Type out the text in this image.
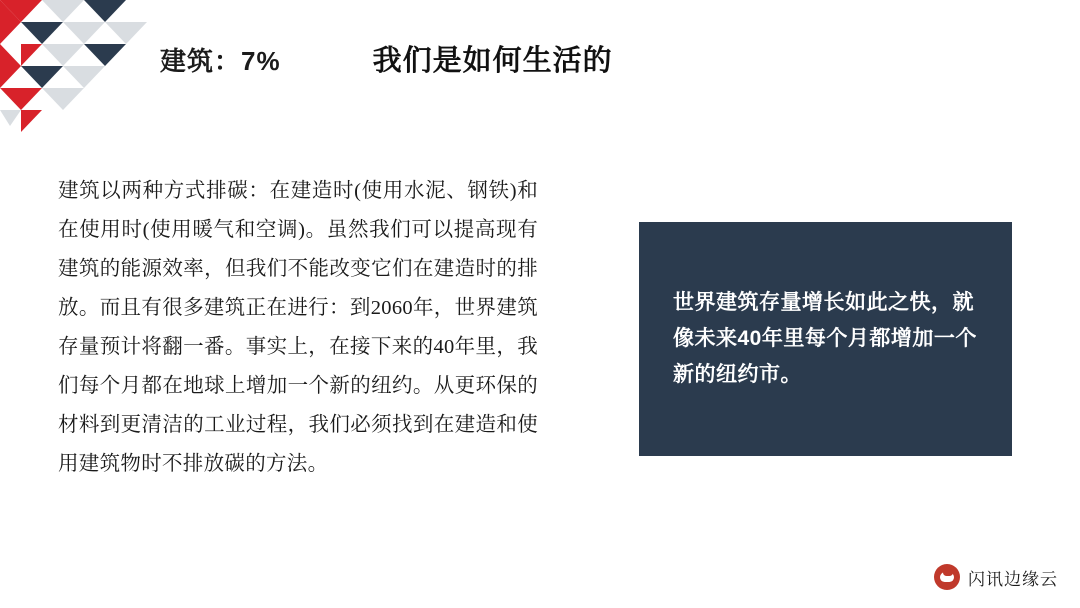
建筑：7%	我们是如何生活的
建筑以两种方式排碳：在建造时(使用水泥、钢铁)和在使用时(使用暖气和空调)。虽然我们可以提高现有建筑的能源效率，但我们不能改变它们在建造时的排放。而且有很多建筑正在进行：到2060年，世界建筑存量预计将翻一番。事实上，在接下来的40年里，我们每个月都在地球上增加一个新的纽约。从更环保的材料到更清洁的工业过程，我们必须找到在建造和使用建筑物时不排放碳的方法。
世界建筑存量增长如此之快，就像未来40年里每个月都增加一个新的纽约市。
闪讯边缘云
